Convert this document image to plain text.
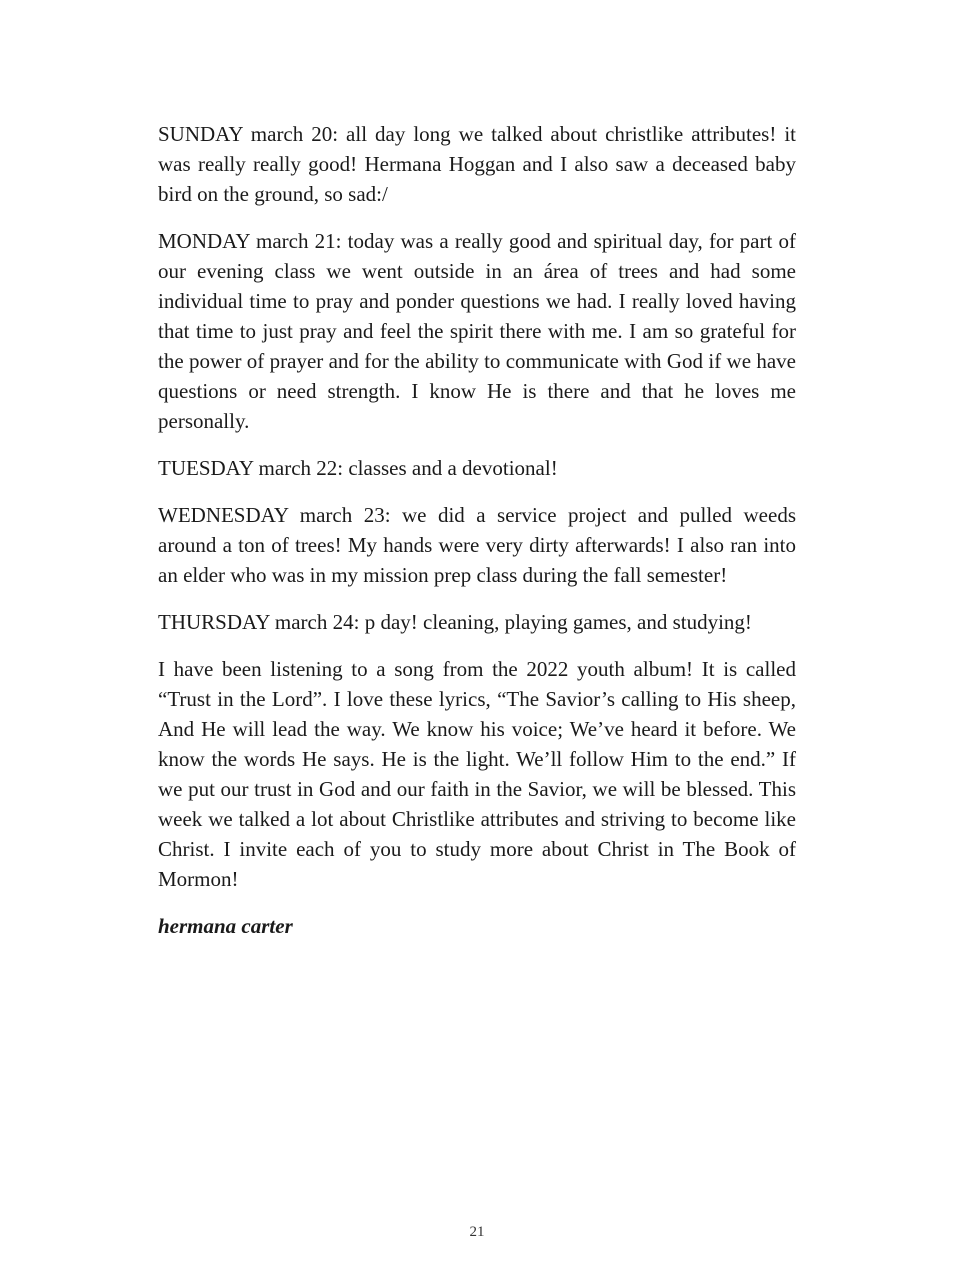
SUNDAY march 20: all day long we talked about christlike attributes! it was really really good! Hermana Hoggan and I also saw a deceased baby bird on the ground, so sad:/

MONDAY march 21: today was a really good and spiritual day, for part of our evening class we went outside in an área of trees and had some individual time to pray and ponder questions we had. I really loved having that time to just pray and feel the spirit there with me. I am so grateful for the power of prayer and for the ability to communicate with God if we have questions or need strength. I know He is there and that he loves me personally.

TUESDAY march 22: classes and a devotional!

WEDNESDAY march 23: we did a service project and pulled weeds around a ton of trees! My hands were very dirty afterwards! I also ran into an elder who was in my mission prep class during the fall semester!

THURSDAY march 24: p day! cleaning, playing games, and studying!

I have been listening to a song from the 2022 youth album! It is called “Trust in the Lord”. I love these lyrics, “The Savior’s calling to His sheep, And He will lead the way. We know his voice; We’ve heard it before. We know the words He says. He is the light. We’ll follow Him to the end.” If we put our trust in God and our faith in the Savior, we will be blessed. This week we talked a lot about Christlike attributes and striving to become like Christ. I invite each of you to study more about Christ in The Book of Mormon!

hermana carter

21
